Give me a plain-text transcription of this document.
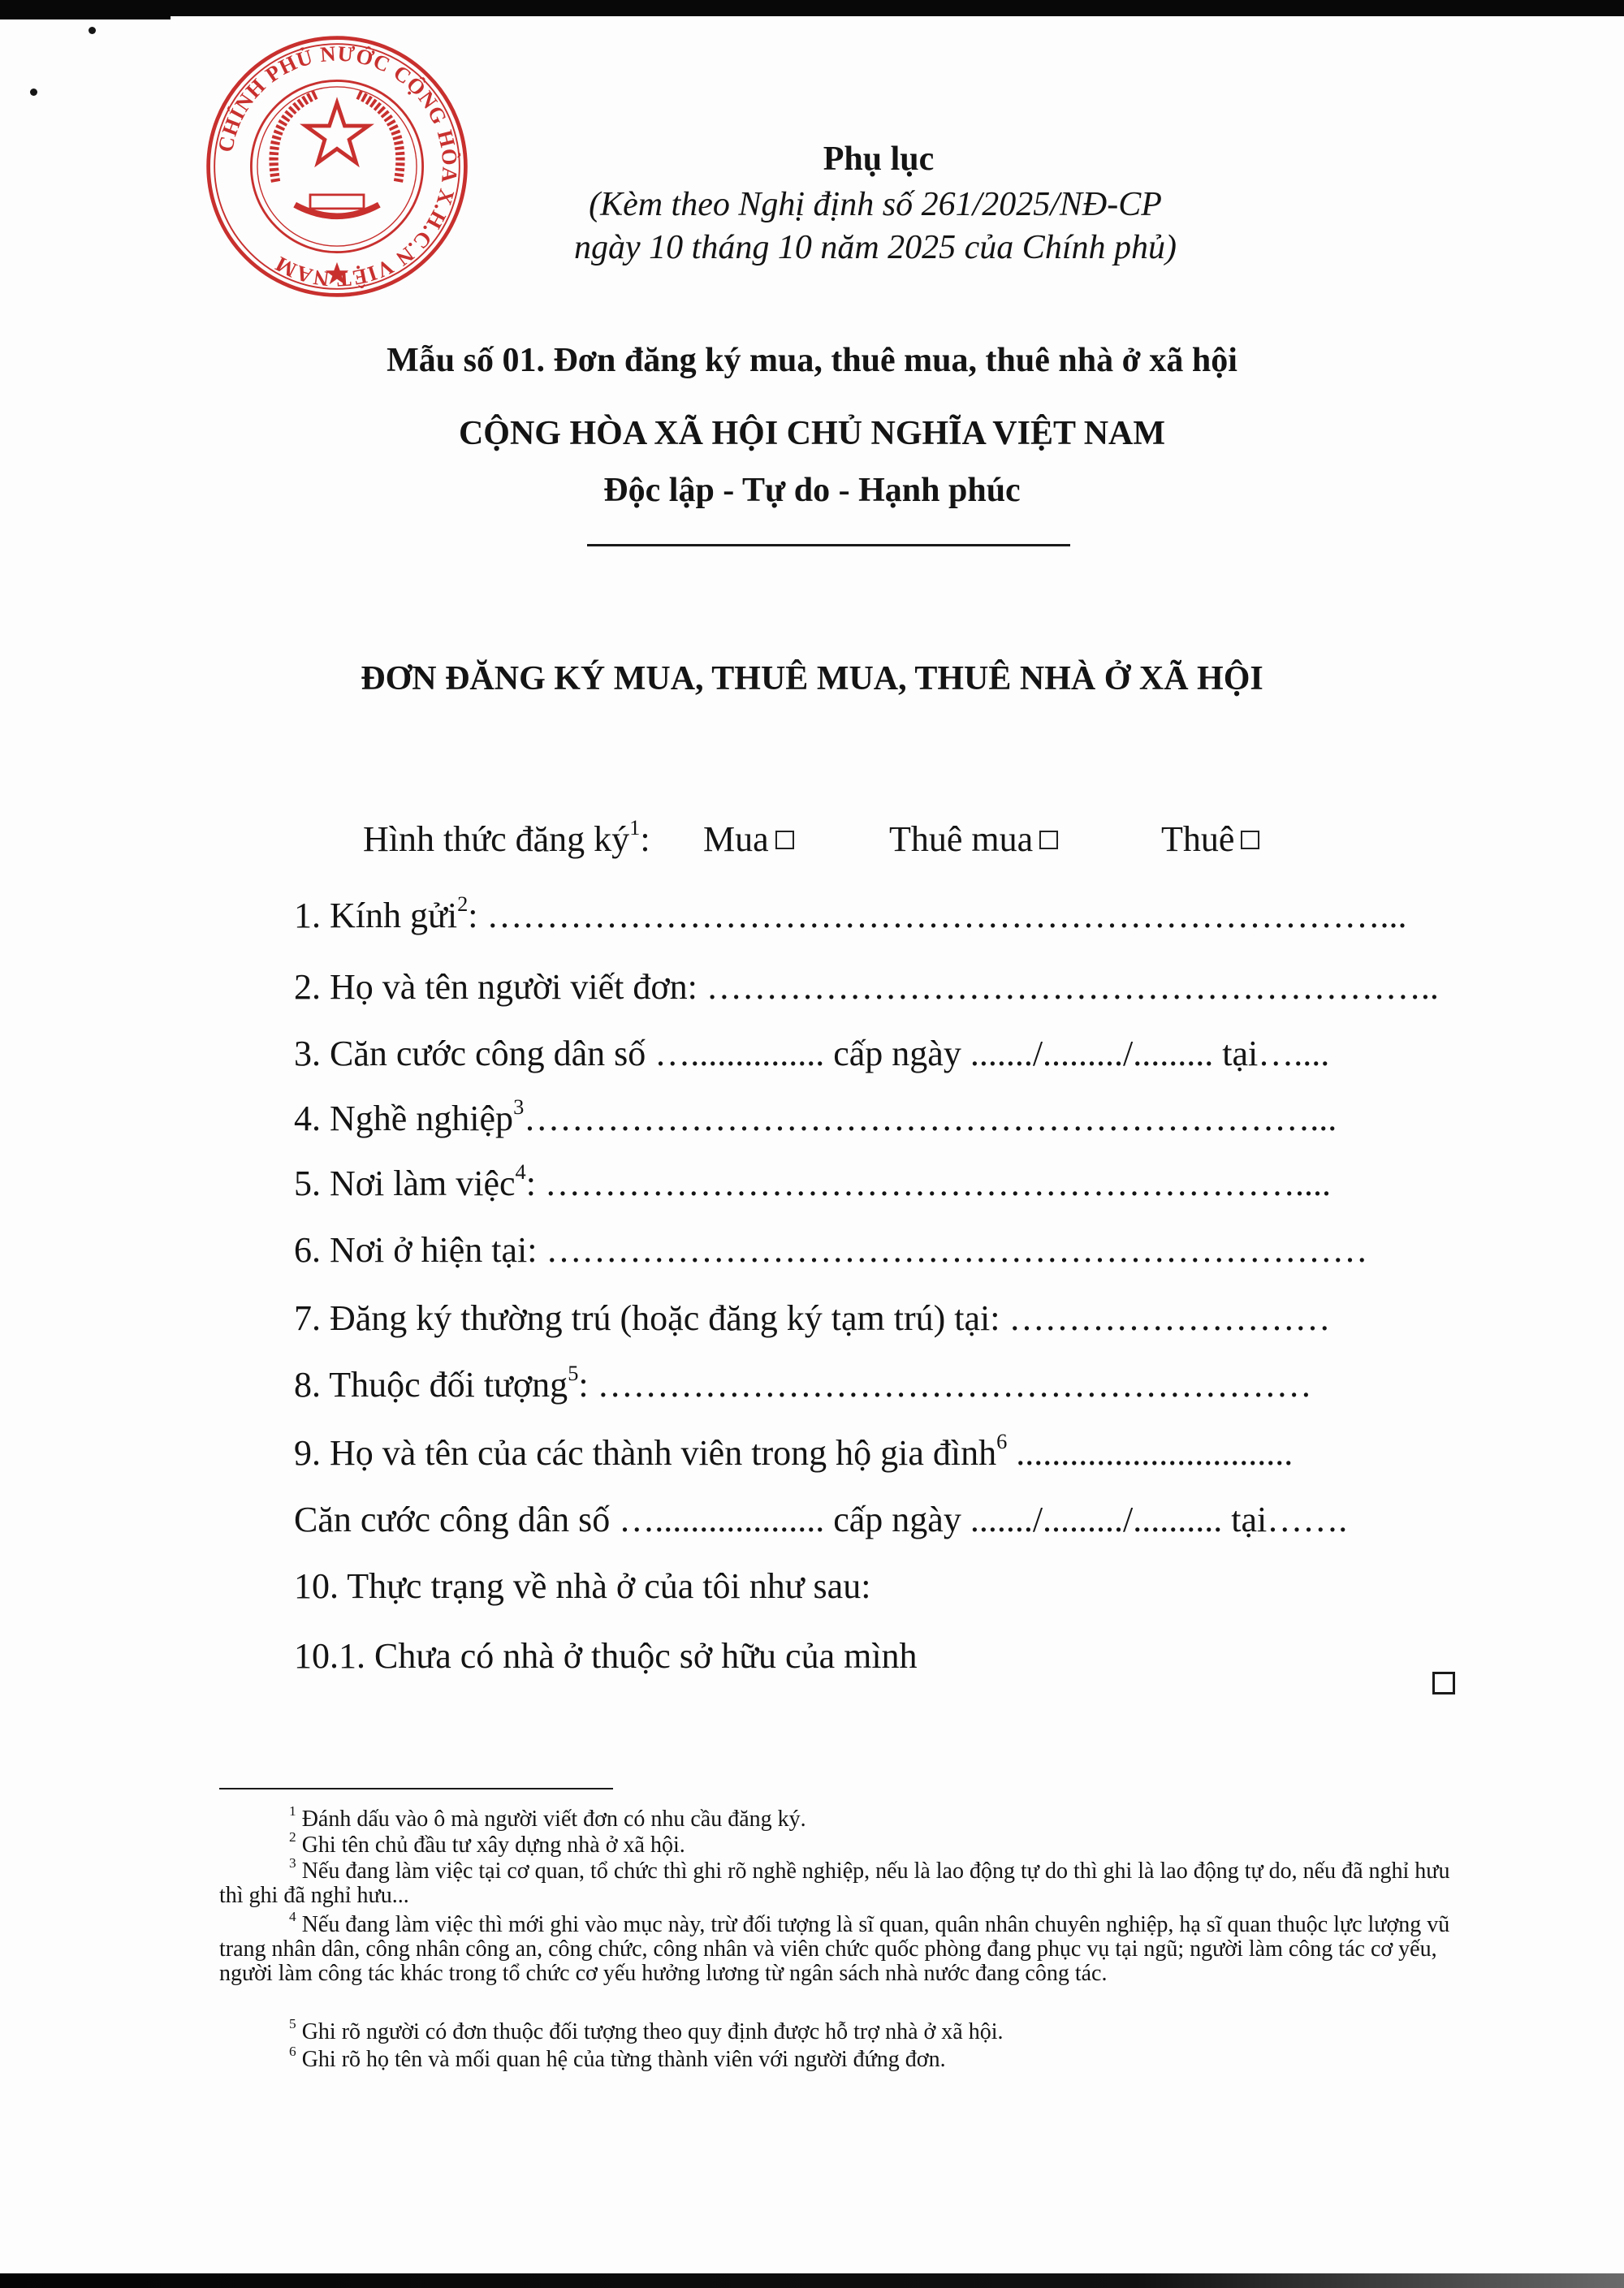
CHÍNH PHỦ NƯỚC CỘNG HÒA X.H.C.N VIỆT NAM
Phụ lục
(Kèm theo Nghị định số 261/2025/NĐ-CP
ngày 10 tháng 10 năm 2025 của Chính phủ)
Mẫu số 01. Đơn đăng ký mua, thuê mua, thuê nhà ở xã hội
CỘNG HÒA XÃ HỘI CHỦ NGHĨA VIỆT NAM
Độc lập - Tự do - Hạnh phúc
ĐƠN ĐĂNG KÝ MUA, THUÊ MUA, THUÊ NHÀ Ở XÃ HỘI
Hình thức đăng $ký^1$: Mua	Thuê mua	Thuê
1. Kính gửi$^2$: …………………………………………………………………...
2. Họ và tên người viết đơn: ……………………………………………………..
3. Căn cước công dân số …............... cấp ngày ......./........./......... tại…....
4. Nghề nghiệp$^3$…………………………………………………………...
5. Nơi làm việc$^4$: ………………………………………………………....
6. Nơi ở hiện tại: ……………………………………………………………
7. Đăng ký thường trú (hoặc đăng ký tạm trú) tại: ………………………
8. Thuộc đối tượng$^5$: ……………………………………………………
9. Họ và tên của các thành viên trong hộ gia đình$^6$ ...............................
Căn cước công dân số …................... cấp ngày ......./........./.......... tại…….
10. Thực trạng về nhà ở của tôi như sau:
10.1. Chưa có nhà ở thuộc sở hữu của mình
$^1$ Đánh dấu vào ô mà người viết đơn có nhu cầu đăng ký.
$^2$ Ghi tên chủ đầu tư xây dựng nhà ở xã hội.
$^3$ Nếu đang làm việc tại cơ quan, tổ chức thì ghi rõ nghề nghiệp, nếu là lao động tự do thì ghi là lao động tự do, nếu đã nghỉ hưu thì ghi đã nghỉ hưu...
$^4$ Nếu đang làm việc thì mới ghi vào mục này, trừ đối tượng là sĩ quan, quân nhân chuyên nghiệp, hạ sĩ quan thuộc lực lượng vũ trang nhân dân, công nhân công an, công chức, công nhân và viên chức quốc phòng đang phục vụ tại ngũ; người làm công tác cơ yếu, người làm công tác khác trong tổ chức cơ yếu hưởng lương từ ngân sách nhà nước đang công tác.
$^5$ Ghi rõ người có đơn thuộc đối tượng theo quy định được hỗ trợ nhà ở xã hội.
$^6$ Ghi rõ họ tên và mối quan hệ của từng thành viên với người đứng đơn.
